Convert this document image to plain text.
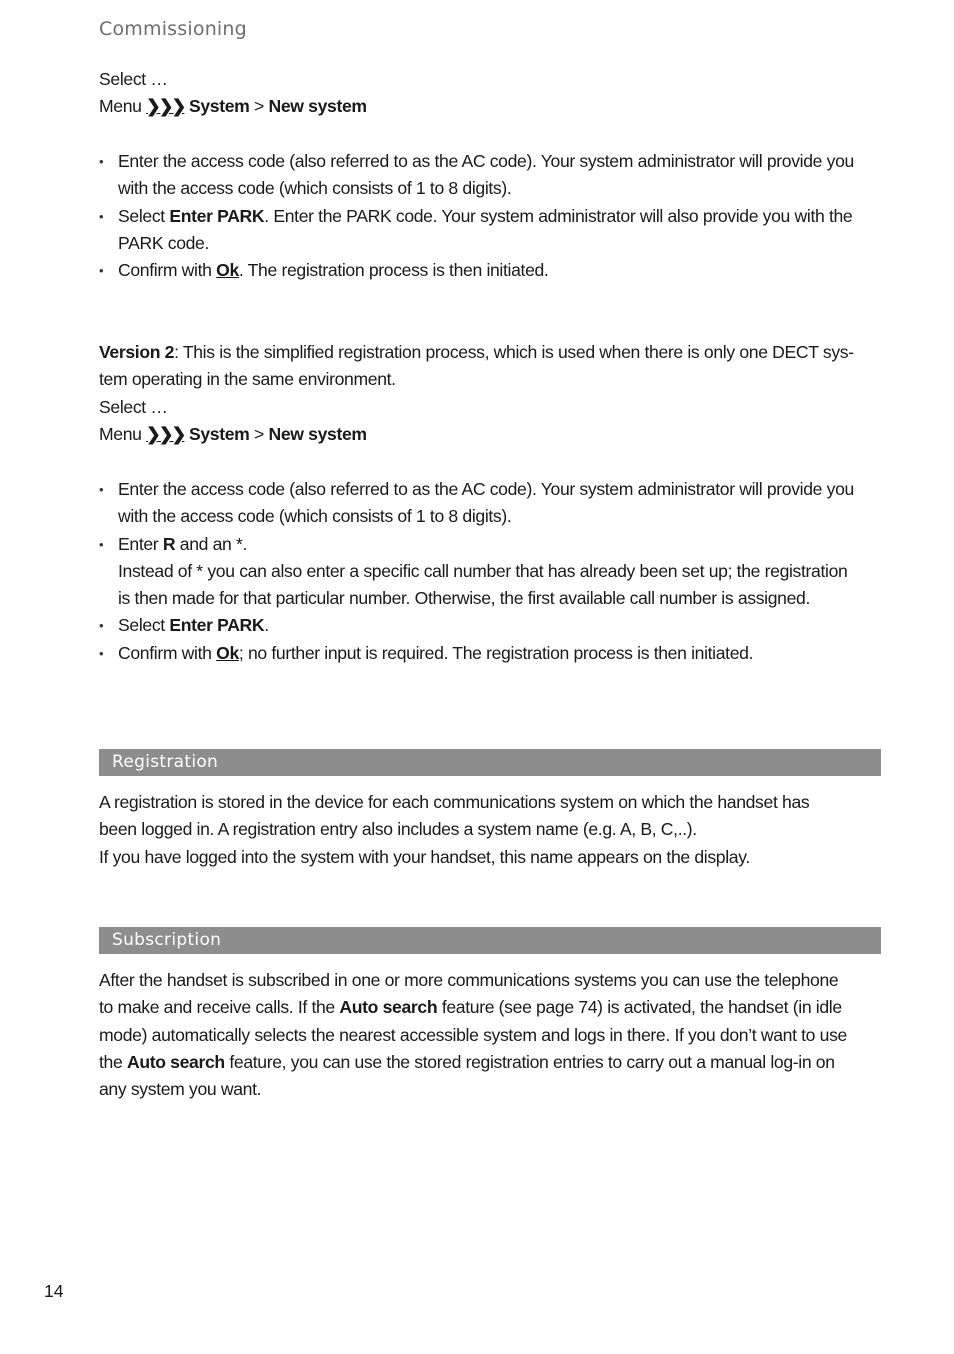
Commissioning
Select …
Menu ❯❯❯ System > New system
• Enter the access code (also referred to as the AC code). Your system administrator will provide you
with the access code (which consists of 1 to 8 digits).
• Select Enter PARK. Enter the PARK code. Your system administrator will also provide you with the
PARK code.
• Confirm with Ok. The registration process is then initiated.
Version 2: This is the simplified registration process, which is used when there is only one DECT sys-
tem operating in the same environment.
Select …
Menu ❯❯❯ System > New system
• Enter the access code (also referred to as the AC code). Your system administrator will provide you
with the access code (which consists of 1 to 8 digits).
• Enter R and an *.
Instead of * you can also enter a specific call number that has already been set up; the registration
is then made for that particular number. Otherwise, the first available call number is assigned.
• Select Enter PARK.
• Confirm with Ok; no further input is required. The registration process is then initiated.
Registration
A registration is stored in the device for each communications system on which the handset has
been logged in. A registration entry also includes a system name (e.g. A, B, C,..).
If you have logged into the system with your handset, this name appears on the display.
Subscription
After the handset is subscribed in one or more communications systems you can use the telephone
to make and receive calls. If the Auto search feature (see page 74) is activated, the handset (in idle
mode) automatically selects the nearest accessible system and logs in there. If you don’t want to use
the Auto search feature, you can use the stored registration entries to carry out a manual log-in on
any system you want.
14
